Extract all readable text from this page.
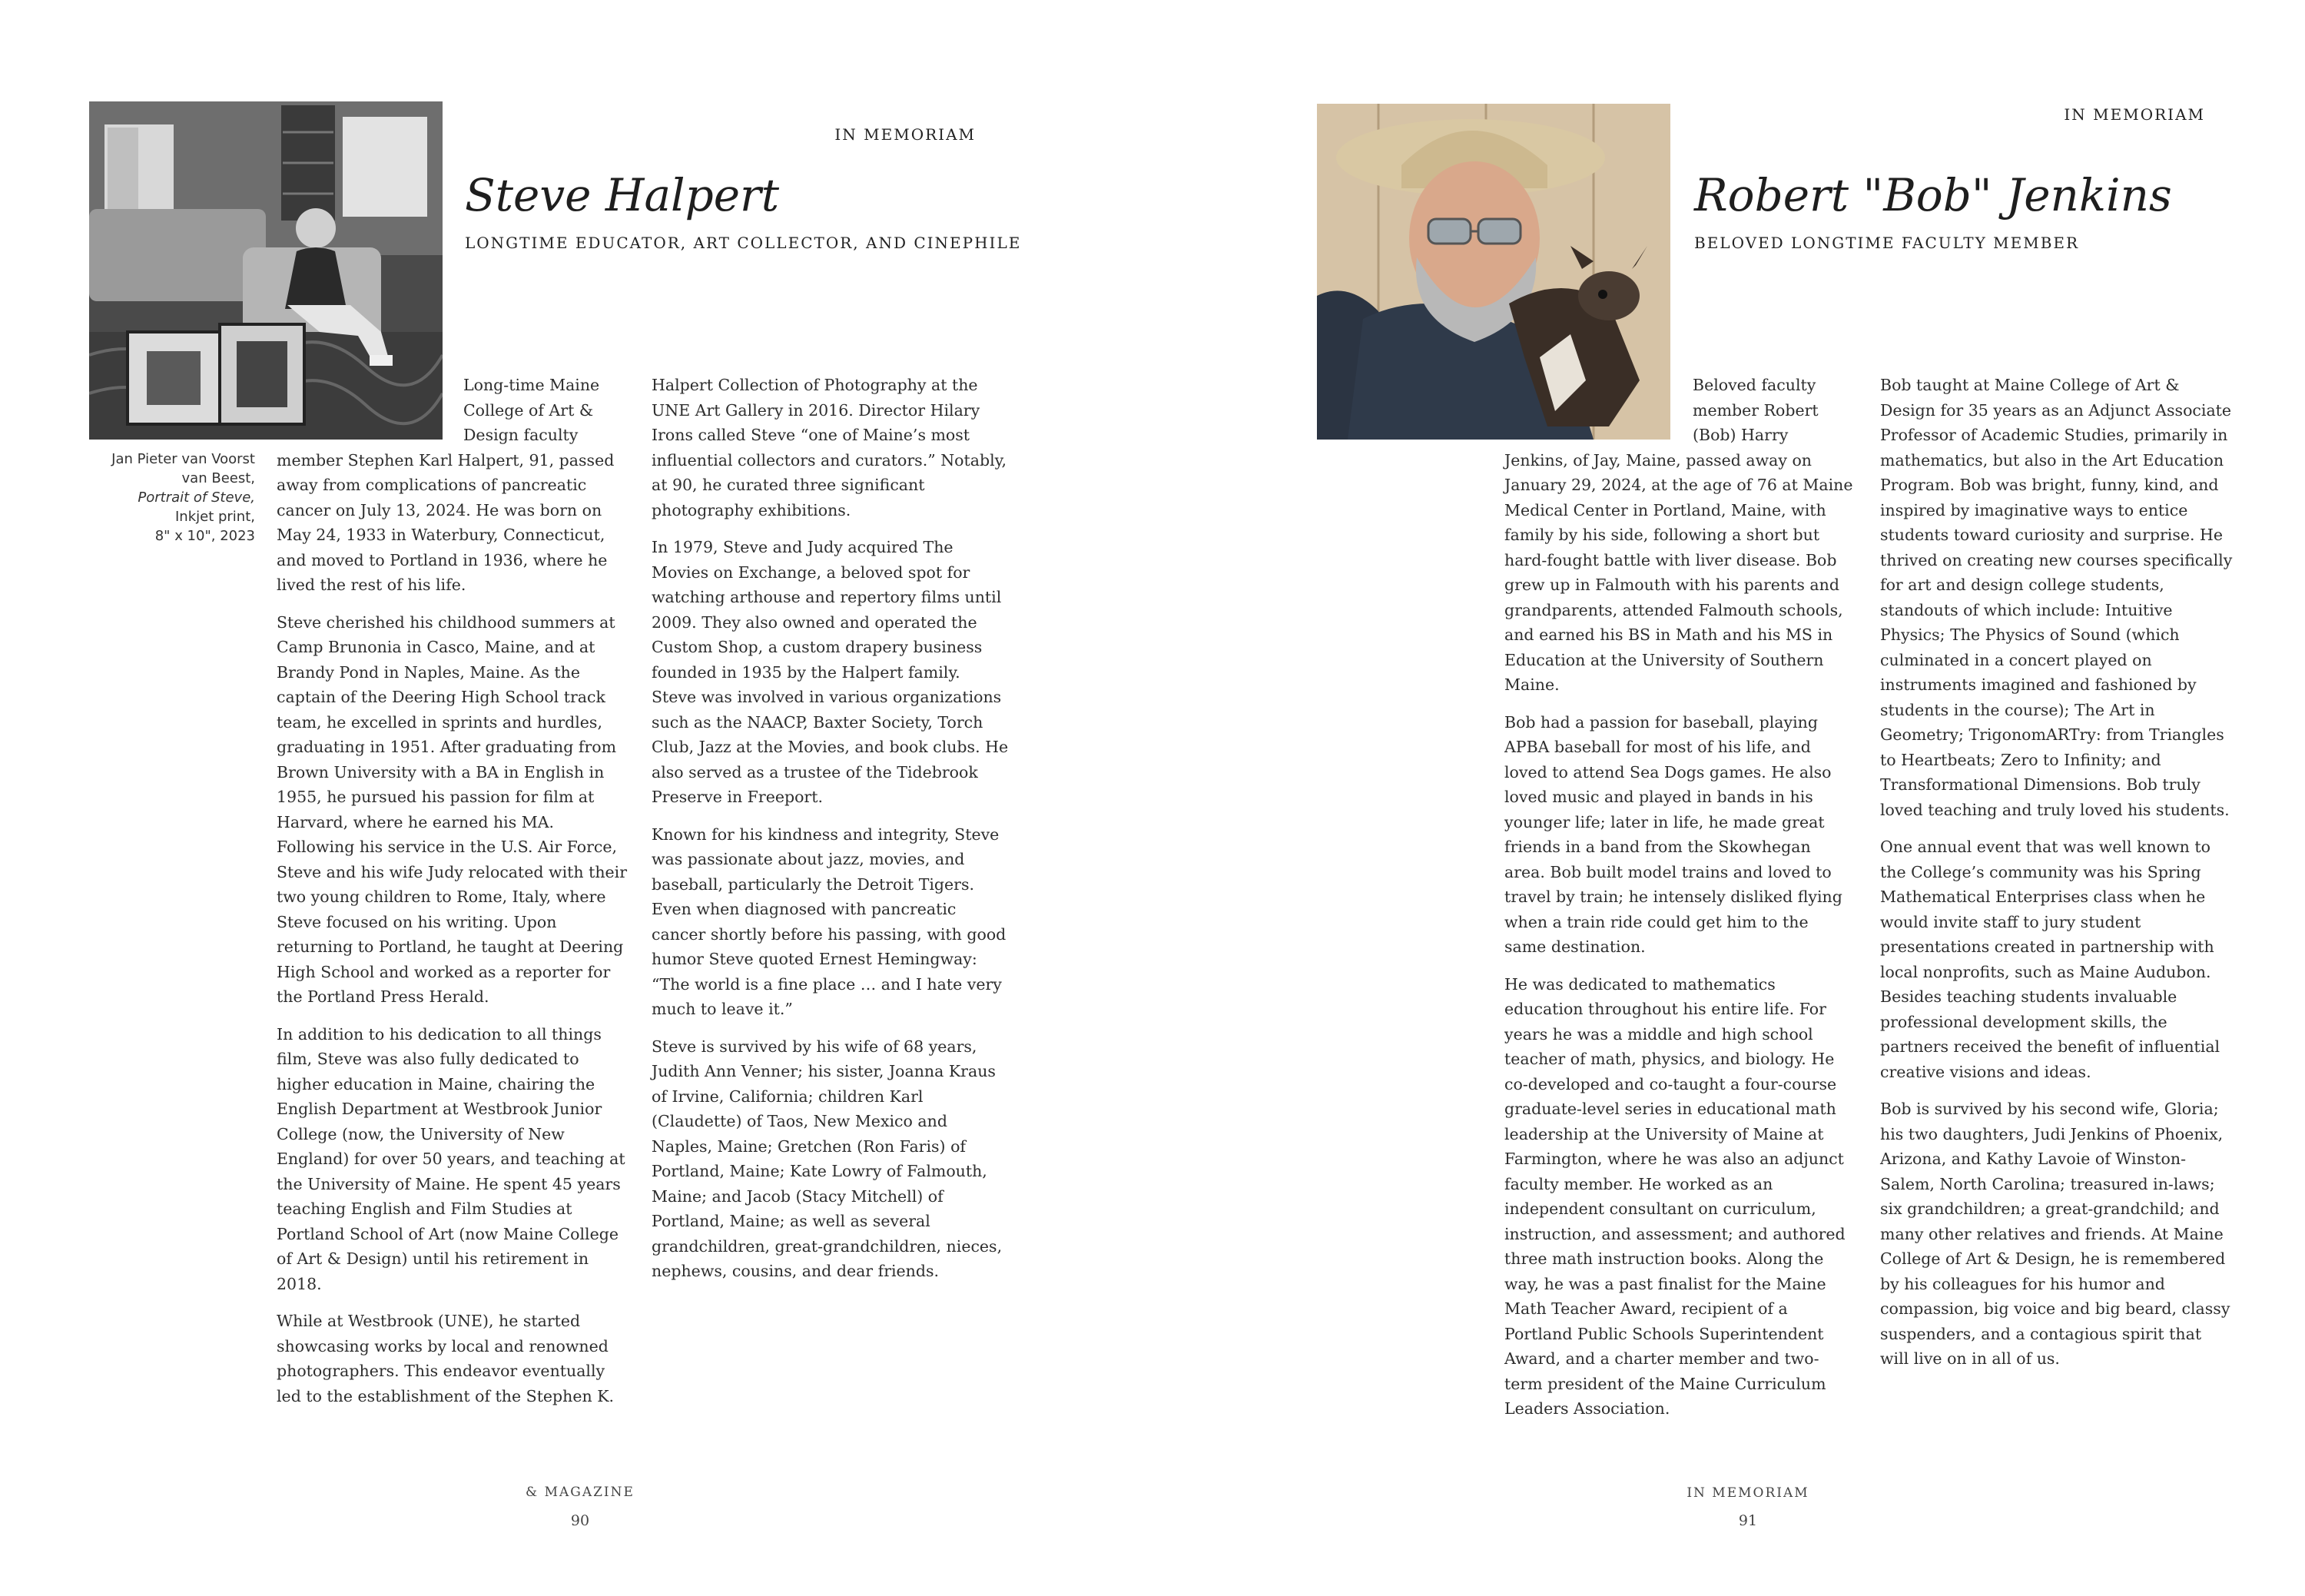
IN MEMORIAM
Jan Pieter van Voorst
van Beest,
Portrait of Steve,
Inkjet print,
8" x 10", 2023
Steve Halpert
LONGTIME EDUCATOR, ART COLLECTOR, AND CINEPHILE

Long-time Maine College of Art & Design faculty member Stephen Karl Halpert, 91, passed away from complications of pancreatic cancer on July 13, 2024. He was born on May 24, 1933 in Waterbury, Connecticut, and moved to Portland in 1936, where he lived the rest of his life.

Steve cherished his childhood summers at Camp Brunonia in Casco, Maine, and at Brandy Pond in Naples, Maine. As the captain of the Deering High School track team, he excelled in sprints and hurdles, graduating in 1951. After graduating from Brown University with a BA in English in 1955, he pursued his passion for film at Harvard, where he earned his MA. Following his service in the U.S. Air Force, Steve and his wife Judy relocated with their two young children to Rome, Italy, where Steve focused on his writing. Upon returning to Portland, he taught at Deering High School and worked as a reporter for the Portland Press Herald.

In addition to his dedication to all things film, Steve was also fully dedicated to higher education in Maine, chairing the English Department at Westbrook Junior College (now, the University of New England) for over 50 years, and teaching at the University of Maine. He spent 45 years teaching English and Film Studies at Portland School of Art (now Maine College of Art & Design) until his retirement in 2018.

While at Westbrook (UNE), he started showcasing works by local and renowned photographers. This endeavor eventually led to the establishment of the Stephen K.

Halpert Collection of Photography at the UNE Art Gallery in 2016. Director Hilary Irons called Steve “one of Maine’s most influential collectors and curators.” Notably, at 90, he curated three significant photography exhibitions.

In 1979, Steve and Judy acquired The Movies on Exchange, a beloved spot for watching arthouse and repertory films until 2009. They also owned and operated the Custom Shop, a custom drapery business founded in 1935 by the Halpert family. Steve was involved in various organizations such as the NAACP, Baxter Society, Torch Club, Jazz at the Movies, and book clubs. He also served as a trustee of the Tidebrook Preserve in Freeport.

Known for his kindness and integrity, Steve was passionate about jazz, movies, and baseball, particularly the Detroit Tigers. Even when diagnosed with pancreatic cancer shortly before his passing, with good humor Steve quoted Ernest Hemingway: “The world is a fine place … and I hate very much to leave it.”

Steve is survived by his wife of 68 years, Judith Ann Venner; his sister, Joanna Kraus of Irvine, California; children Karl (Claudette) of Taos, New Mexico and Naples, Maine; Gretchen (Ron Faris) of Portland, Maine; Kate Lowry of Falmouth, Maine; and Jacob (Stacy Mitchell) of Portland, Maine; as well as several grandchildren, great-grandchildren, nieces, nephews, cousins, and dear friends.

& MAGAZINE
90
IN MEMORIAM
Robert "Bob" Jenkins
BELOVED LONGTIME FACULTY MEMBER

Beloved faculty member Robert (Bob) Harry Jenkins, of Jay, Maine, passed away on January 29, 2024, at the age of 76 at Maine Medical Center in Portland, Maine, with family by his side, following a short but hard-fought battle with liver disease. Bob grew up in Falmouth with his parents and grandparents, attended Falmouth schools, and earned his BS in Math and his MS in Education at the University of Southern Maine.

Bob had a passion for baseball, playing APBA baseball for most of his life, and loved to attend Sea Dogs games. He also loved music and played in bands in his younger life; later in life, he made great friends in a band from the Skowhegan area. Bob built model trains and loved to travel by train; he intensely disliked flying when a train ride could get him to the same destination.

He was dedicated to mathematics education throughout his entire life. For years he was a middle and high school teacher of math, physics, and biology. He co-developed and co-taught a four-course graduate-level series in educational math leadership at the University of Maine at Farmington, where he was also an adjunct faculty member. He worked as an independent consultant on curriculum, instruction, and assessment; and authored three math instruction books. Along the way, he was a past finalist for the Maine Math Teacher Award, recipient of a Portland Public Schools Superintendent Award, and a charter member and two-term president of the Maine Curriculum Leaders Association.

Bob taught at Maine College of Art & Design for 35 years as an Adjunct Associate Professor of Academic Studies, primarily in mathematics, but also in the Art Education Program. Bob was bright, funny, kind, and inspired by imaginative ways to entice students toward curiosity and surprise. He thrived on creating new courses specifically for art and design college students, standouts of which include: Intuitive Physics; The Physics of Sound (which culminated in a concert played on instruments imagined and fashioned by students in the course); The Art in Geometry; TrigonomARTry: from Triangles to Heartbeats; Zero to Infinity; and Transformational Dimensions. Bob truly loved teaching and truly loved his students.

One annual event that was well known to the College’s community was his Spring Mathematical Enterprises class when he would invite staff to jury student presentations created in partnership with local nonprofits, such as Maine Audubon. Besides teaching students invaluable professional development skills, the partners received the benefit of influential creative visions and ideas.

Bob is survived by his second wife, Gloria; his two daughters, Judi Jenkins of Phoenix, Arizona, and Kathy Lavoie of Winston-Salem, North Carolina; treasured in-laws; six grandchildren; a great-grandchild; and many other relatives and friends. At Maine College of Art & Design, he is remembered by his colleagues for his humor and compassion, big voice and big beard, classy suspenders, and a contagious spirit that will live on in all of us.

IN MEMORIAM
91
